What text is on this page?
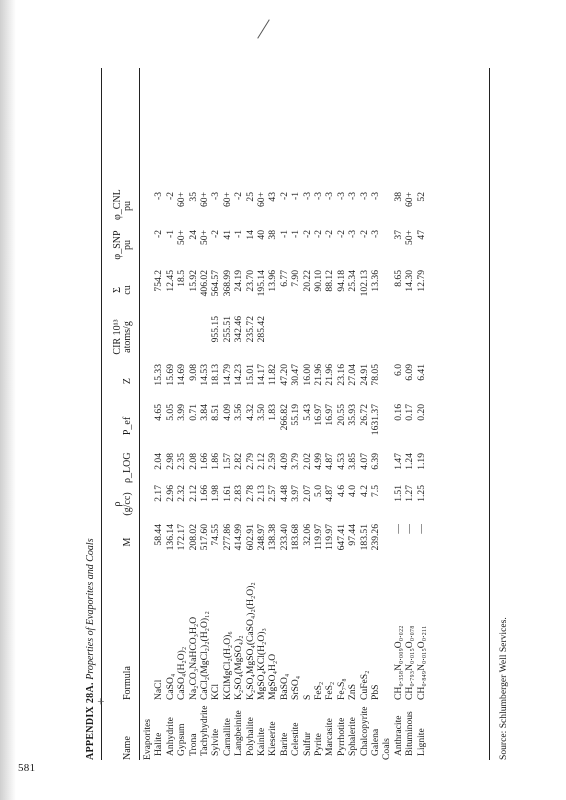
581
APPENDIX 28A. Properties of Evaporites and Coals
+
Name
Formula
M
ρ (g/cc)
ρ_LOG
P_ef
Z
CIR 10¹³ atoms/g
Σ cu
φ_SNP pu
φ_CNL pu
Evaporites Halite
NaCl
58.44
2.17
2.04
4.65
15.33
754.2
-2
-3
Anhydrite
CaSO₄
136.14
2.96
2.98
5.05
15.69
12.45
-1
-2
Gypsum
CaSO₄(H₂O)₂
172.17
2.32
2.35
3.99
14.69
18.5
50+
60+
Trona
Na₂CO₃NaHCO₃H₂O
208.02
2.12
2.08
0.71
9.08
15.92
24
35
Tachyhydrite
CaCl₂(MgCl₂)₂(H₂O)₁₂
517.60
1.66
1.66
3.84
14.53
406.02
50+
60+
Sylvite
KCl
74.55
1.98
1.86
8.51
18.13
955.15
564.57
-2
-3
Carnallite
KClMgCl₂(H₂O)₆
277.86
1.61
1.57
4.09
14.79
255.51
368.99
41
60+
Langbeinite
K₂SO₄(MgSO₄)₂
414.99
2.83
2.82
3.56
14.23
342.46
24.19
-1
-2
Polyhalite
K₂SO₄MgSO₄(CaSO₄)₂(H₂O)₂
602.91
2.78
2.79
4.32
15.01
235.72
23.70
14
25
Kainite
MgSO₄KCl(H₂O)₃
248.97
2.13
2.12
3.50
14.17
285.42
195.14
40
60+
Kieserite
MgSO₄H₂O
138.38
2.57
2.59
1.83
11.82
13.96
38
43
Barite
BaSO₄
233.40
4.48
4.09
266.82
47.20
6.77
-1
-2
Celestite
SrSO₄
183.68
3.97
3.79
55.19
30.47
7.90
-1
-1
Sulfur
S
32.06
2.07
2.02
5.43
16.00
20.22
-2
-3
Pyrite
FeS₂
119.97
5.0
4.99
16.97
21.96
90.10
-2
-3
Marcasite
FeS₂
119.97
4.87
4.87
16.97
21.96
88.12
-2
-3
Pyrrhotite
Fe₇S₈
647.41
4.6
4.53
20.55
23.16
94.18
-2
-3
Sphalerite
ZnS
97.44
4.0
3.85
35.93
27.04
25.34
-3
-3
Chalcopyrite
CuFeS₂
183.51
4.2
4.07
26.72
24.91
102.13
-2
-3
Galena
PbS
239.26
7.5
6.39
1631.37
78.05
13.36
-3
-3
Coals Anthracite
CH₀.₃₅₈N₀.₀₀₉O₀.₀₂₂
—
1.51
1.47
0.16
6.0
8.65
37
38
Bituminous
CH₀.₇₉₃N₀.₀₁₅O₀.₀₇₈
—
1.27
1.24
0.17
6.09
14.30
50+
60+
Lignite
CH₀.₈₄₉N₀.₀₁₅O₀.₂₁₁
—
1.25
1.19
0.20
6.41
12.79
47
52
Source: Schlumberger Well Services.
